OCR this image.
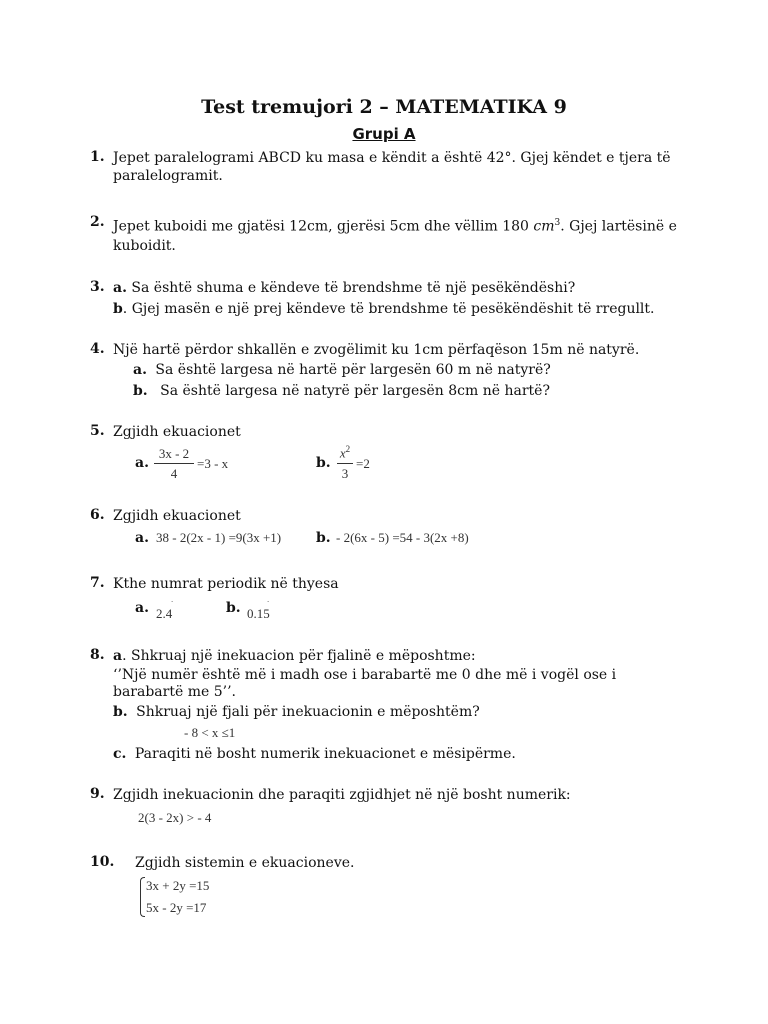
Test tremujori 2 – MATEMATIKA 9
Grupi A
1. Jepet paralelogrami ABCD ku masa e këndit a është 42°. Gjej këndet e tjera të
paralelogramit.
2. Jepet kuboidi me gjatësi 12cm, gjerësi 5cm dhe vëllim 180 $cm^3$. Gjej lartësinë e
kuboidit.
3. a. Sa është shuma e këndeve të brendshme të një pesëkëndëshi?
b. Gjej masën e një prej këndeve të brendshme të pesëkëndëshit të rregullt.
4. Një hartë përdor shkallën e zvogëlimit ku 1cm përfaqëson 15m në natyrë.
a. Sa është largesa në hartë për largesën 60 m në natyrë?
b. Sa është largesa në natyrë për largesën 8cm në hartë?
5. Zgjidh ekuacionet
a.
3x - 2
4
=3 - x	b.
$x^2$
3
=2
6. Zgjidh ekuacionet
a. 38 - 2(2x - 1) =9(3x +1) b. - 2(6x - 5) =54 - 3(2x +8)
7. Kthe numrat periodik në thyesa
a. 2.4
·	b. 0.15
·
8. a. Shkruaj një inekuacion për fjalinë e mëposhtme:
‘’Një numër është më i madh ose i barabartë me 0 dhe më i vogël ose i
barabartë me 5’’.
b. Shkruaj një fjali për inekuacionin e mëposhtëm?
- 8 < x ≤1
c. Paraqiti në bosht numerik inekuacionet e mësipërme.
9. Zgjidh inekuacionin dhe paraqiti zgjidhjet në një bosht numerik:
2(3 - 2x) > - 4
10. Zgjidh sistemin e ekuacioneve.
3x + 2y =15
5x - 2y =17
